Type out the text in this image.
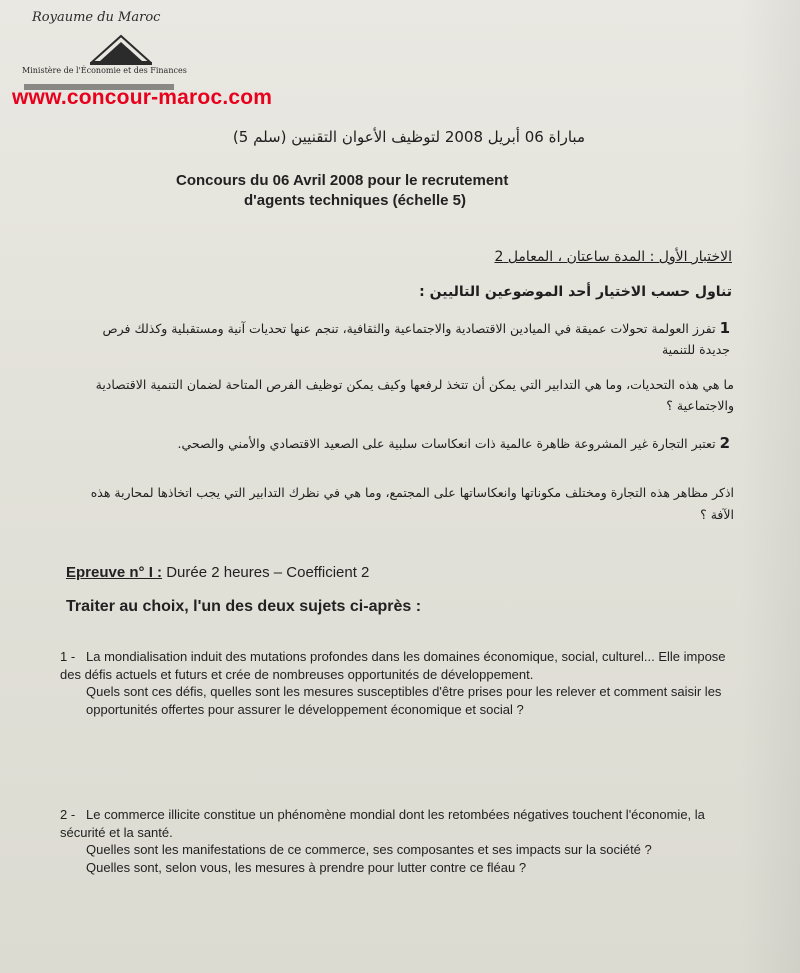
Royaume du Maroc
Ministère de l'Économie et des Finances
www.concour-maroc.com
مباراة 06 أبريل 2008 لتوظيف الأعوان التقنيين (سلم 5)
Concours du 06 Avril 2008 pour le recrutement
d'agents techniques (échelle 5)
الاختبار الأول : المدة ساعتان ، المعامل 2
تناول حسب الاختيار أحد الموضوعين التاليين :
1 تفرز العولمة تحولات عميقة في الميادين الاقتصادية والاجتماعية والثقافية، تنجم عنها تحديات آنية ومستقبلية وكذلك فرص جديدة للتنمية
ما هي هذه التحديات، وما هي التدابير التي يمكن أن تتخذ لرفعها وكيف يمكن توظيف الفرص المتاحة لضمان التنمية الاقتصادية والاجتماعية ؟
2 تعتبر التجارة غير المشروعة ظاهرة عالمية ذات انعكاسات سلبية على الصعيد الاقتصادي والأمني والصحي.
اذكر مظاهر هذه التجارة ومختلف مكوناتها وانعكاساتها على المجتمع، وما هي في نظرك التدابير التي يجب اتخاذها لمحاربة هذه الآفة ؟
Epreuve n° I : Durée 2 heures – Coefficient 2
Traiter au choix, l'un des deux sujets ci-après :
1 - La mondialisation induit des mutations profondes dans les domaines économique, social, culturel... Elle impose des défis actuels et futurs et crée de nombreuses opportunités de développement.
Quels sont ces défis, quelles sont les mesures susceptibles d'être prises pour les relever et comment saisir les opportunités offertes pour assurer le développement économique et social ?
2 - Le commerce illicite constitue un phénomène mondial dont les retombées négatives touchent l'économie, la sécurité et la santé.
Quelles sont les manifestations de ce commerce, ses composantes et ses impacts sur la société ?
Quelles sont, selon vous, les mesures à prendre pour lutter contre ce fléau ?
